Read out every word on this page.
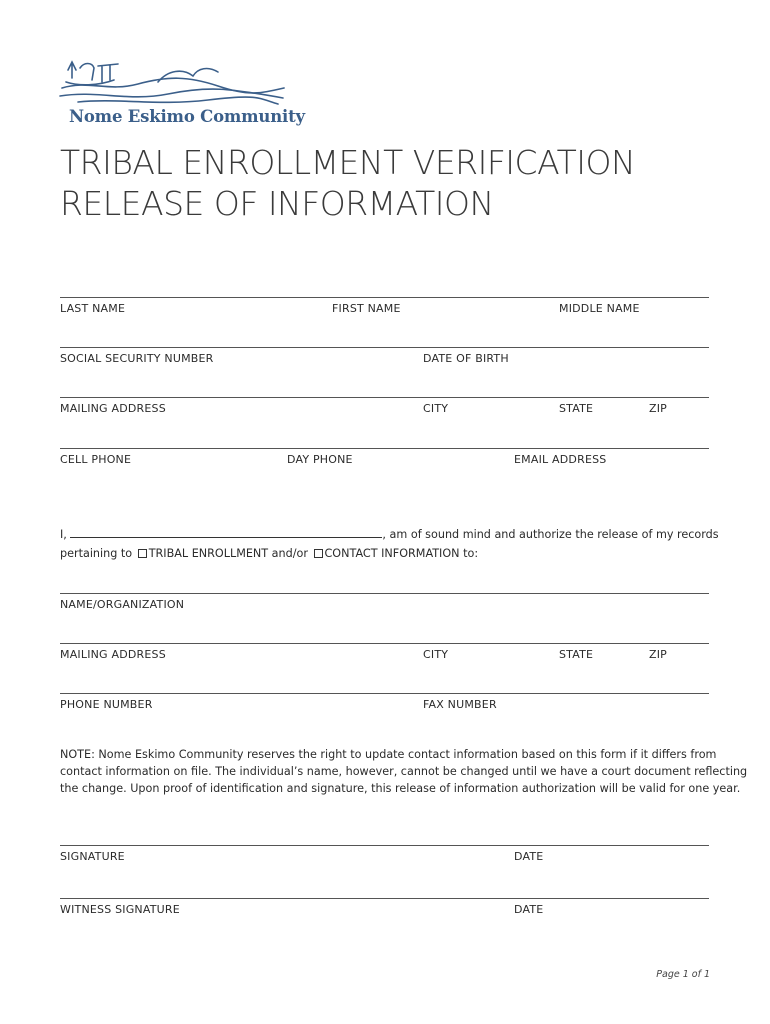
Nome Eskimo Community
TRIBAL ENROLLMENT VERIFICATION
RELEASE OF INFORMATION
LAST NAME	FIRST NAME	MIDDLE NAME
SOCIAL SECURITY NUMBER	DATE OF BIRTH
MAILING ADDRESS	CITY	STATE	ZIP
CELL PHONE	DAY PHONE	EMAIL ADDRESS
I,	, am of sound mind and authorize the release of my records
pertaining to TRIBAL ENROLLMENT and/or CONTACT INFORMATION to:
NAME/ORGANIZATION
MAILING ADDRESS	CITY	STATE	ZIP
PHONE NUMBER	FAX NUMBER
NOTE: Nome Eskimo Community reserves the right to update contact information based on this form if it differs from
contact information on file. The individual’s name, however, cannot be changed until we have a court document reflecting
the change. Upon proof of identification and signature, this release of information authorization will be valid for one year.
SIGNATURE	DATE
WITNESS SIGNATURE	DATE
Page 1 of 1
